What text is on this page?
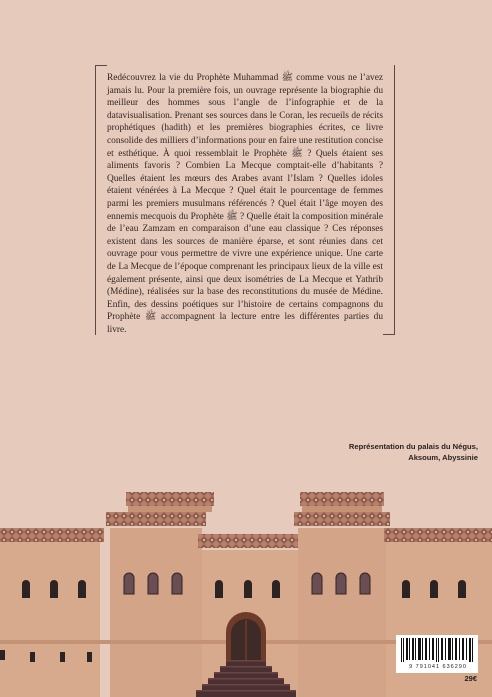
Redécouvrez la vie du Prophète Muhammad ﷺ comme vous ne l’avez jamais lu. Pour la première fois, un ouvrage représente la biographie du meilleur des hommes sous l’angle de l’infographie et de la datavisualisation. Prenant ses sources dans le Coran, les recueils de récits prophétiques (hadith) et les premières biographies écrites, ce livre consolide des milliers d’informations pour en faire une restitution concise et esthétique. À quoi ressemblait le Prophète ﷺ ? Quels étaient ses aliments favoris ? Combien La Mecque comptait-elle d’habitants ? Quelles étaient les mœurs des Arabes avant l’Islam ? Quelles idoles étaient vénérées à La Mecque ? Quel était le pourcentage de femmes parmi les premiers musulmans référencés ? Quel était l’âge moyen des ennemis mecquois du Prophète ﷺ ? Quelle était la composition minérale de l’eau Zamzam en comparaison d’une eau classique ? Ces réponses existent dans les sources de manière éparse, et sont réunies dans cet ouvrage pour vous permettre de vivre une expérience unique. Une carte de La Mecque de l’époque comprenant les principaux lieux de la ville est également présente, ainsi que deux isométries de La Mecque et Yathrib (Médine), réalisées sur la base des reconstitutions du musée de Médine. Enfin, des dessins poétiques sur l’histoire de certains compagnons du Prophète ﷺ accompagnent la lecture entre les différentes parties du livre.

Représentation du palais du Négus,
Aksoum, Abyssinie

9 791041 636290
29€
